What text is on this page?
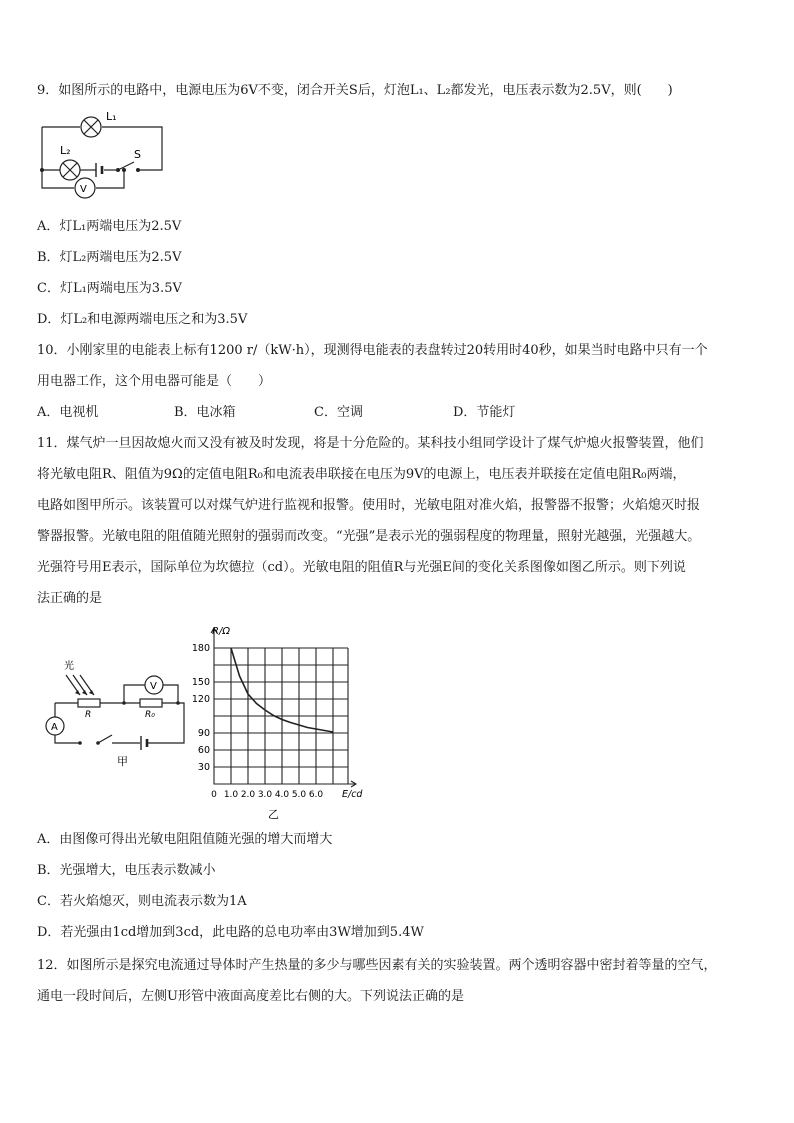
9．如图所示的电路中，电源电压为6V不变，闭合开关S后，灯泡L₁、L₂都发光，电压表示数为2.5V，则(　　)
L₁
L₂	S
V
A．灯L₁两端电压为2.5V
B．灯L₂两端电压为2.5V
C．灯L₁两端电压为3.5V
D．灯L₂和电源两端电压之和为3.5V
10．小刚家里的电能表上标有1200 r/（kW·h），现测得电能表的表盘转过20转用时40秒，如果当时电路中只有一个
用电器工作，这个用电器可能是（　　）
A．电视机	B．电冰箱	C．空调	D．节能灯
11．煤气炉一旦因故熄火而又没有被及时发现，将是十分危险的。某科技小组同学设计了煤气炉熄火报警装置，他们
将光敏电阻R、阻值为9Ω的定值电阻R₀和电流表串联接在电压为9V的电源上，电压表并联接在定值电阻R₀两端，
电路如图甲所示。该装置可以对煤气炉进行监视和报警。使用时，光敏电阻对准火焰，报警器不报警；火焰熄灭时报
警器报警。光敏电阻的阻值随光照射的强弱而改变。“光强”是表示光的强弱程度的物理量，照射光越强，光强越大。
光强符号用E表示，国际单位为坎德拉（cd）。光敏电阻的阻值R与光强E间的变化关系图像如图乙所示。则下列说
法正确的是
光
R	R₀
A
V
甲
R/Ω
180
150
120
90
60
30
0 1.0 2.0 3.0 4.0 5.0 6.0 E/cd
乙
A．由图像可得出光敏电阻阻值随光强的增大而增大
B．光强增大，电压表示数减小
C．若火焰熄灭，则电流表示数为1A
D．若光强由1cd增加到3cd，此电路的总电功率由3W增加到5.4W
12．如图所示是探究电流通过导体时产生热量的多少与哪些因素有关的实验装置。两个透明容器中密封着等量的空气，
通电一段时间后，左侧U形管中液面高度差比右侧的大。下列说法正确的是
